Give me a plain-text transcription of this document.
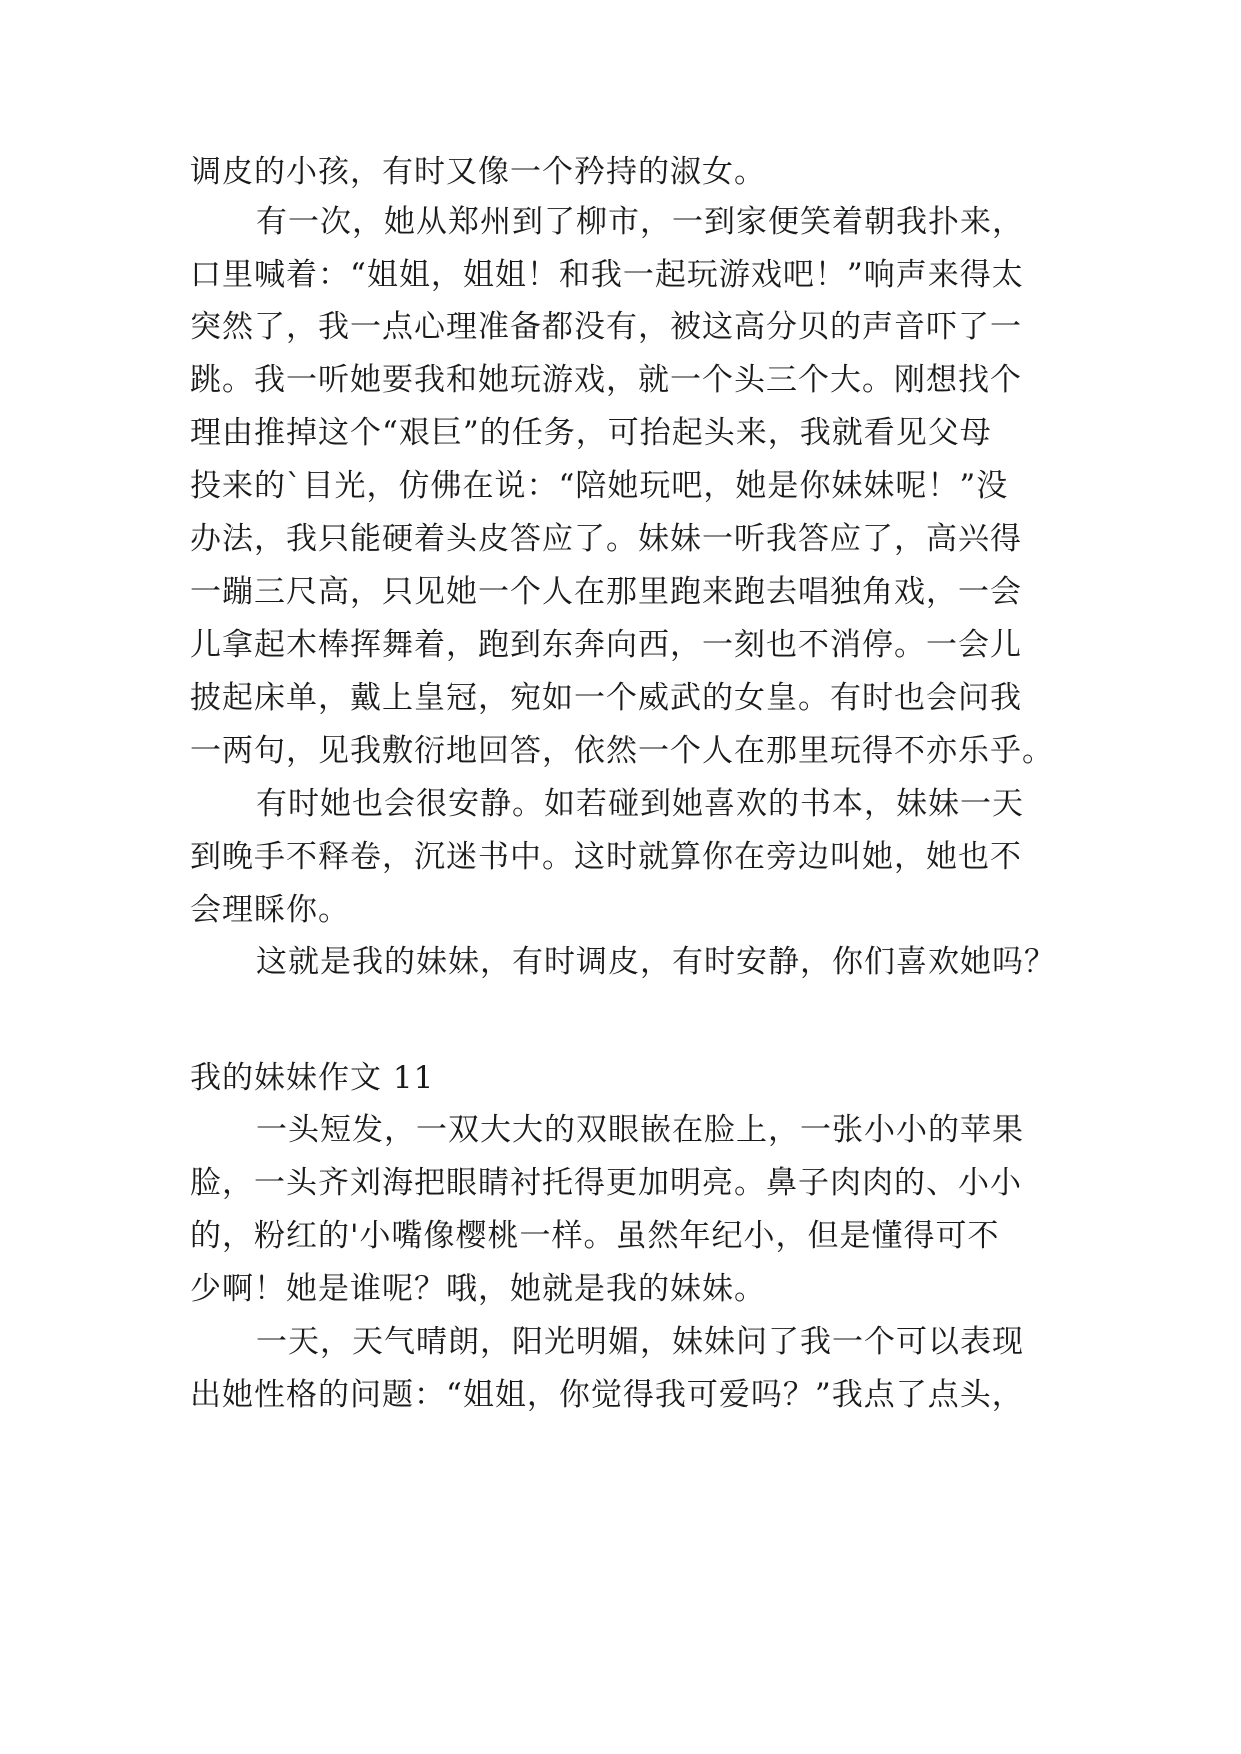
调皮的小孩，有时又像一个矜持的淑女。
有一次，她从郑州到了柳市，一到家便笑着朝我扑来，
口里喊着：“姐姐，姐姐！和我一起玩游戏吧！”响声来得太
突然了，我一点心理准备都没有，被这高分贝的声音吓了一
跳。我一听她要我和她玩游戏，就一个头三个大。刚想找个
理由推掉这个“艰巨”的任务，可抬起头来，我就看见父母
投来的`目光，仿佛在说：“陪她玩吧，她是你妹妹呢！”没
办法，我只能硬着头皮答应了。妹妹一听我答应了，高兴得
一蹦三尺高，只见她一个人在那里跑来跑去唱独角戏，一会
儿拿起木棒挥舞着，跑到东奔向西，一刻也不消停。一会儿
披起床单，戴上皇冠，宛如一个威武的女皇。有时也会问我
一两句，见我敷衍地回答，依然一个人在那里玩得不亦乐乎。
有时她也会很安静。如若碰到她喜欢的书本，妹妹一天
到晚手不释卷，沉迷书中。这时就算你在旁边叫她，她也不
会理睬你。
这就是我的妹妹，有时调皮，有时安静，你们喜欢她吗？
我的妹妹作文 11
一头短发，一双大大的双眼嵌在脸上，一张小小的苹果
脸，一头齐刘海把眼睛衬托得更加明亮。鼻子肉肉的、小小
的，粉红的'小嘴像樱桃一样。虽然年纪小，但是懂得可不
少啊！她是谁呢？哦，她就是我的妹妹。
一天，天气晴朗，阳光明媚，妹妹问了我一个可以表现
出她性格的问题：“姐姐，你觉得我可爱吗？”我点了点头，
